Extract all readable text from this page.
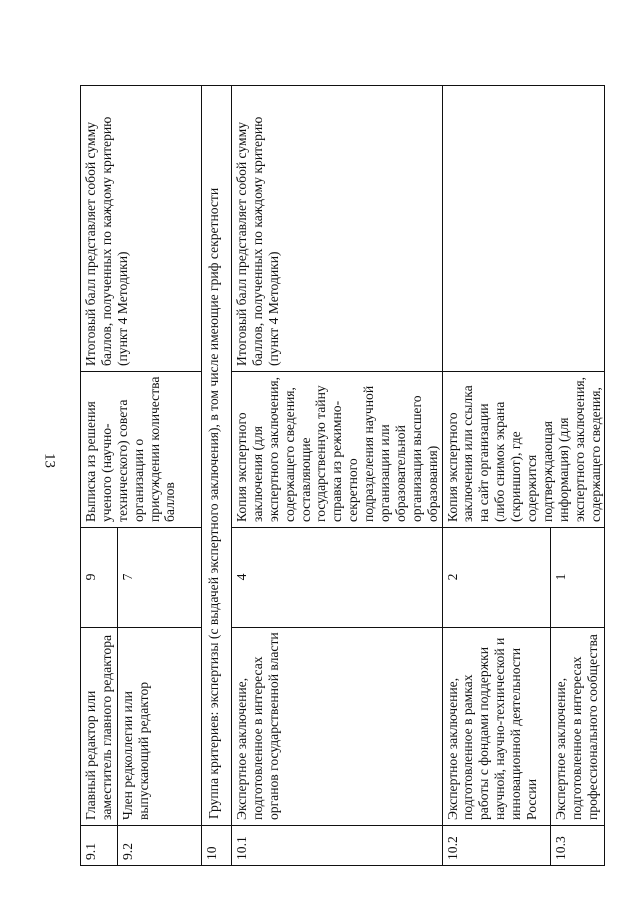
13
9.1	Главный редактор или заместитель главного редактора	9	Выписка из решения ученого (научно-технического) совета организации о присуждении количества баллов	Итоговый балл представляет собой сумму баллов, полученных по каждому критерию (пункт 4 Методики)
9.2	Член редколлегии или выпускающий редактор	7		
10	Группа критериев: экспертизы (с выдачей экспертного заключения), в том числе имеющие гриф секретности			
10.1	Экспертное заключение, подготовленное в интересах органов государственной власти	4	Копия экспертного заключения (для экспертного заключения, содержащего сведения, составляющие государственную тайну справка из режимно-секретного подразделения научной организации или образовательной организации высшего образования)	Итоговый балл представляет собой сумму баллов, полученных по каждому критерию (пункт 4 Методики)
10.2	Экспертное заключение, подготовленное в рамках работы с фондами поддержки научной, научно-технической и инновационной деятельности России	2	Копия экспертного заключения или ссылка на сайт организации (либо снимок экрана (скриншот), где содержится подтверждающая информация) (для экспертного заключения, содержащего сведения,	
10.3	Экспертное заключение, подготовленное в интересах профессионального сообщества	1		
